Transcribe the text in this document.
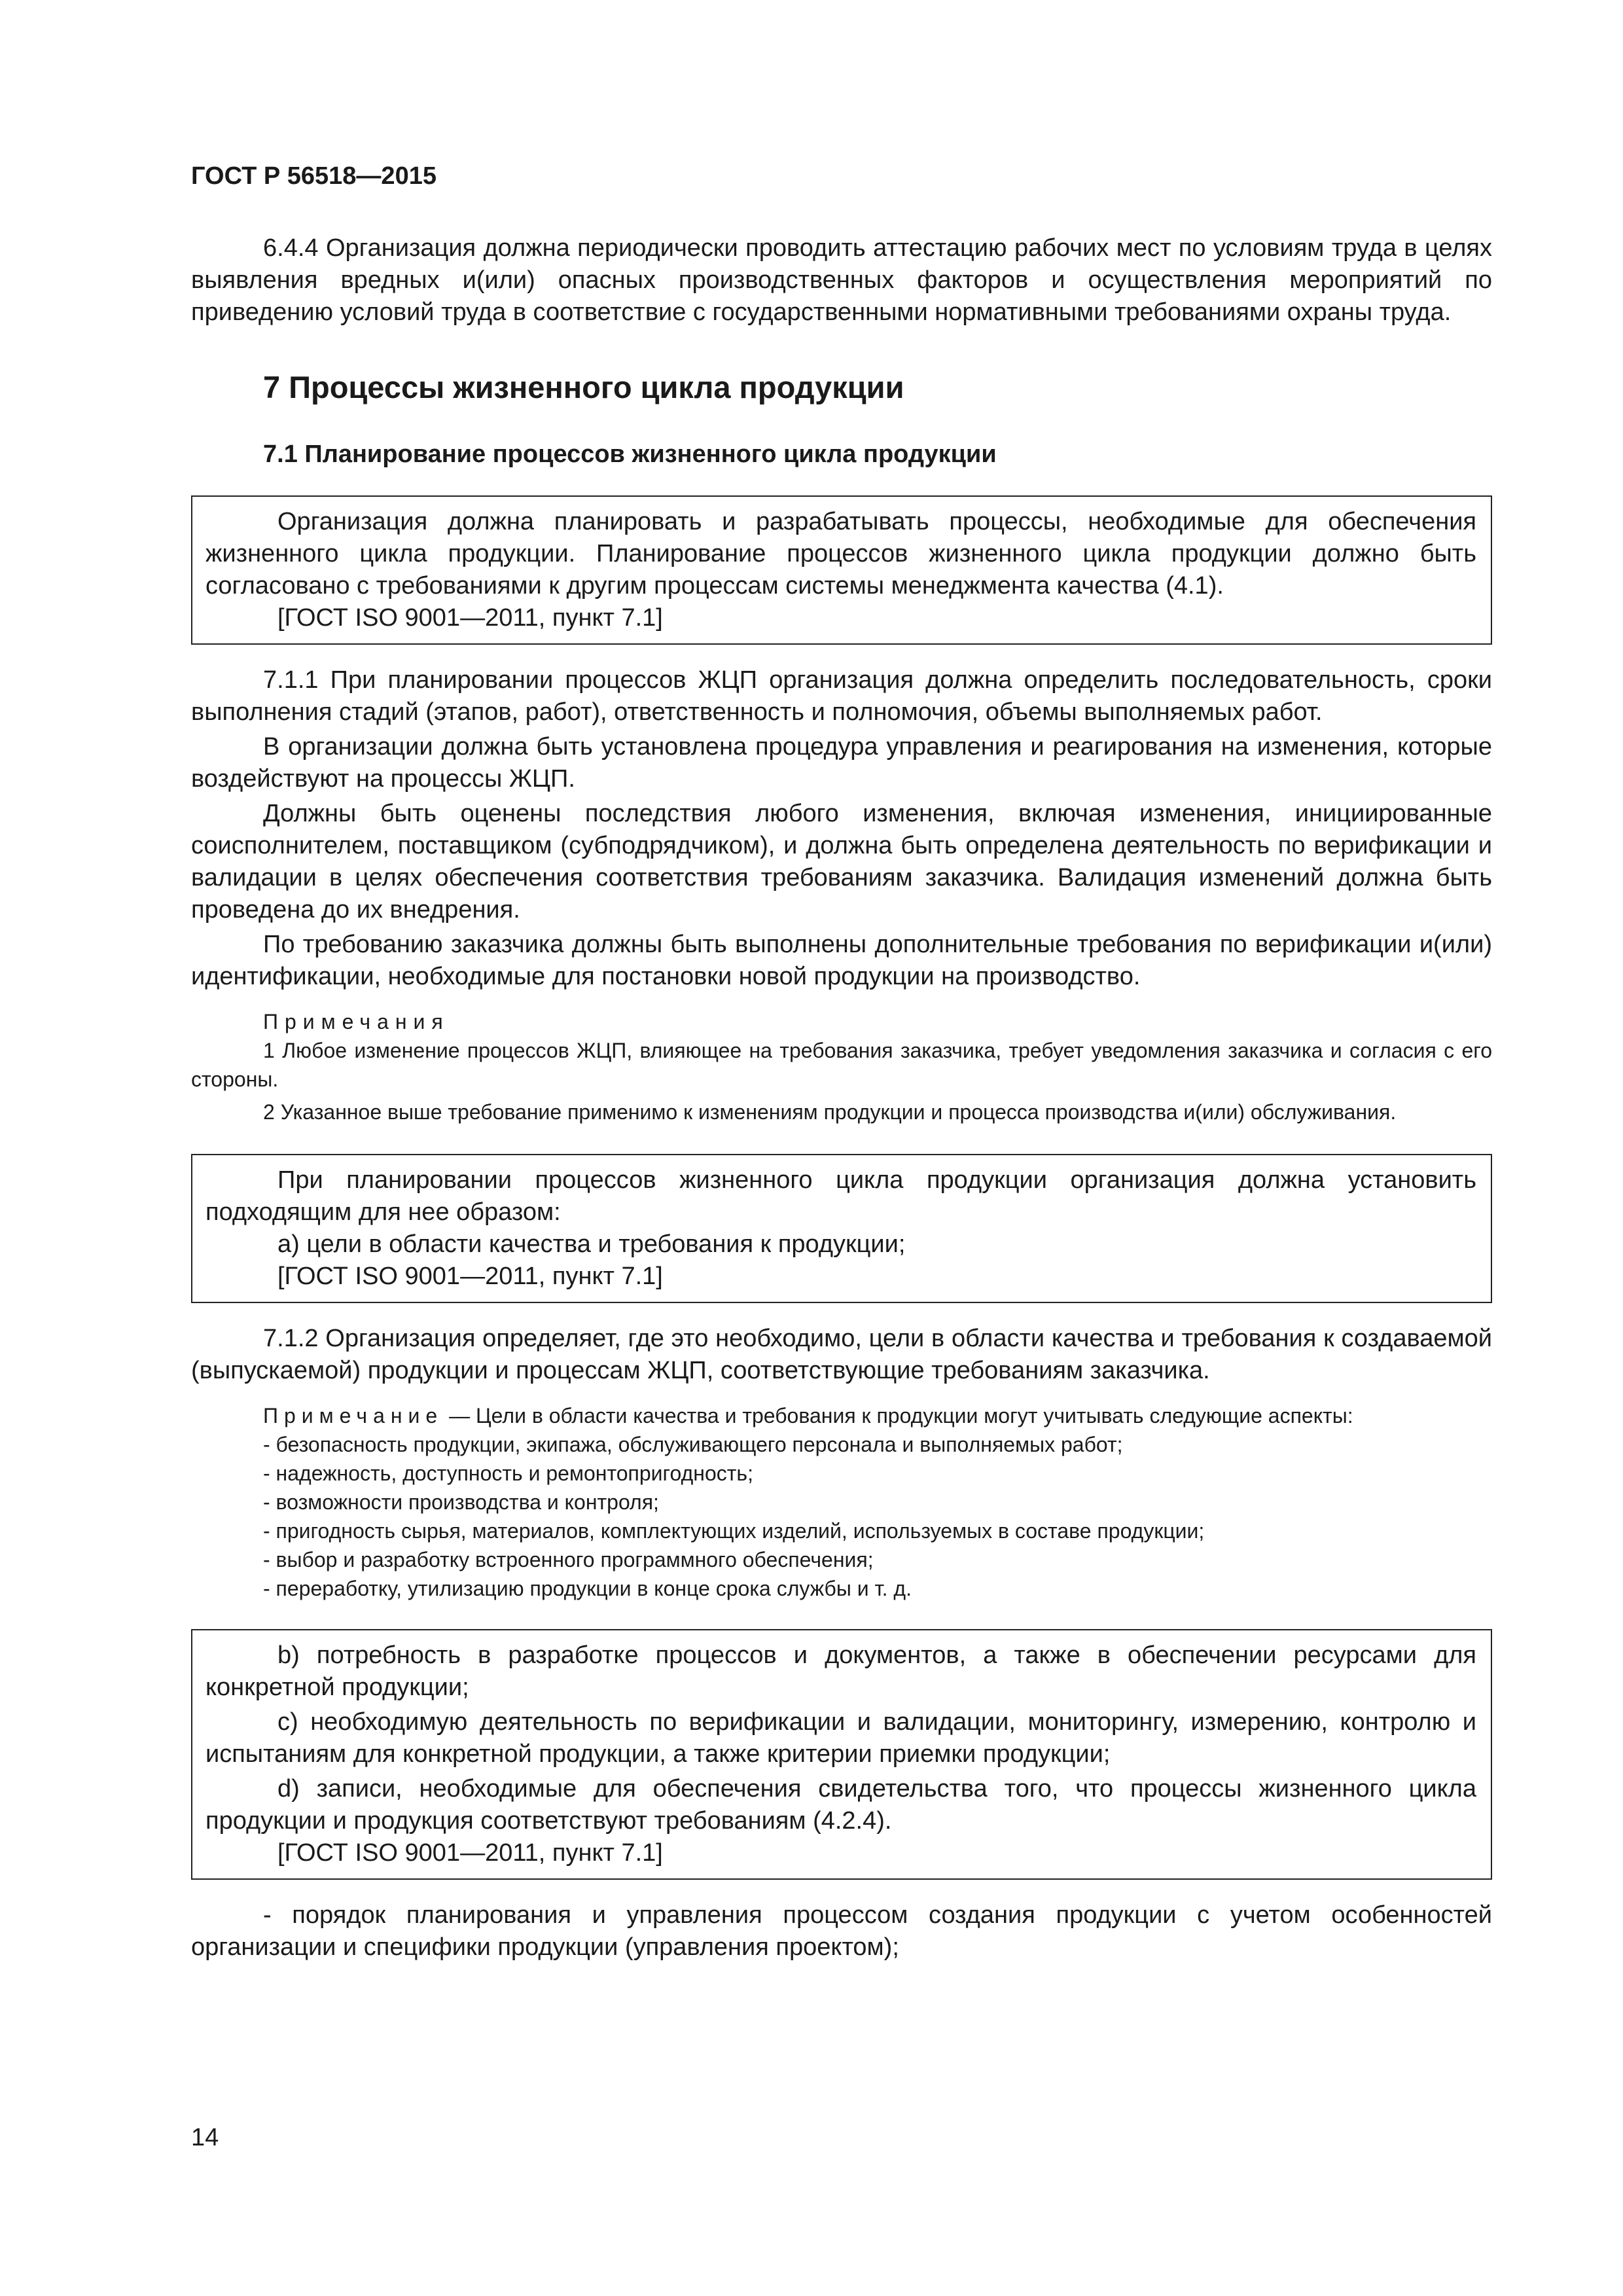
ГОСТ Р 56518—2015

6.4.4 Организация должна периодически проводить аттестацию рабочих мест по условиям труда в целях выявления вредных и(или) опасных производственных факторов и осуществления мероприятий по приведению условий труда в соответствие с государственными нормативными требованиями охраны труда.

7 Процессы жизненного цикла продукции
7.1 Планирование процессов жизненного цикла продукции

Организация должна планировать и разрабатывать процессы, необходимые для обеспечения жизненного цикла продукции. Планирование процессов жизненного цикла продукции должно быть согласовано с требованиями к другим процессам системы менеджмента качества (4.1).

[ГОСТ ISO 9001—2011, пункт 7.1]

7.1.1 При планировании процессов ЖЦП организация должна определить последовательность, сроки выполнения стадий (этапов, работ), ответственность и полномочия, объемы выполняемых работ.

В организации должна быть установлена процедура управления и реагирования на изменения, которые воздействуют на процессы ЖЦП.

Должны быть оценены последствия любого изменения, включая изменения, инициированные соисполнителем, поставщиком (субподрядчиком), и должна быть определена деятельность по верификации и валидации в целях обеспечения соответствия требованиям заказчика. Валидация изменений должна быть проведена до их внедрения.

По требованию заказчика должны быть выполнены дополнительные требования по верификации и(или) идентификации, необходимые для постановки новой продукции на производство.

Примечания

1 Любое изменение процессов ЖЦП, влияющее на требования заказчика, требует уведомления заказчика и согласия с его стороны.

2 Указанное выше требование применимо к изменениям продукции и процесса производства и(или) обслуживания.

При планировании процессов жизненного цикла продукции организация должна установить подходящим для нее образом:

a) цели в области качества и требования к продукции;

[ГОСТ ISO 9001—2011, пункт 7.1]

7.1.2 Организация определяет, где это необходимо, цели в области качества и требования к создаваемой (выпускаемой) продукции и процессам ЖЦП, соответствующие требованиям заказчика.

Примечание — Цели в области качества и требования к продукции могут учитывать следующие аспекты:

- безопасность продукции, экипажа, обслуживающего персонала и выполняемых работ;

- надежность, доступность и ремонтопригодность;

- возможности производства и контроля;

- пригодность сырья, материалов, комплектующих изделий, используемых в составе продукции;

- выбор и разработку встроенного программного обеспечения;

- переработку, утилизацию продукции в конце срока службы и т. д.

b) потребность в разработке процессов и документов, а также в обеспечении ресурсами для конкретной продукции;

c) необходимую деятельность по верификации и валидации, мониторингу, измерению, контролю и испытаниям для конкретной продукции, а также критерии приемки продукции;

d) записи, необходимые для обеспечения свидетельства того, что процессы жизненного цикла продукции и продукция соответствуют требованиям (4.2.4).

[ГОСТ ISO 9001—2011, пункт 7.1]

- порядок планирования и управления процессом создания продукции с учетом особенностей организации и специфики продукции (управления проектом);

14
